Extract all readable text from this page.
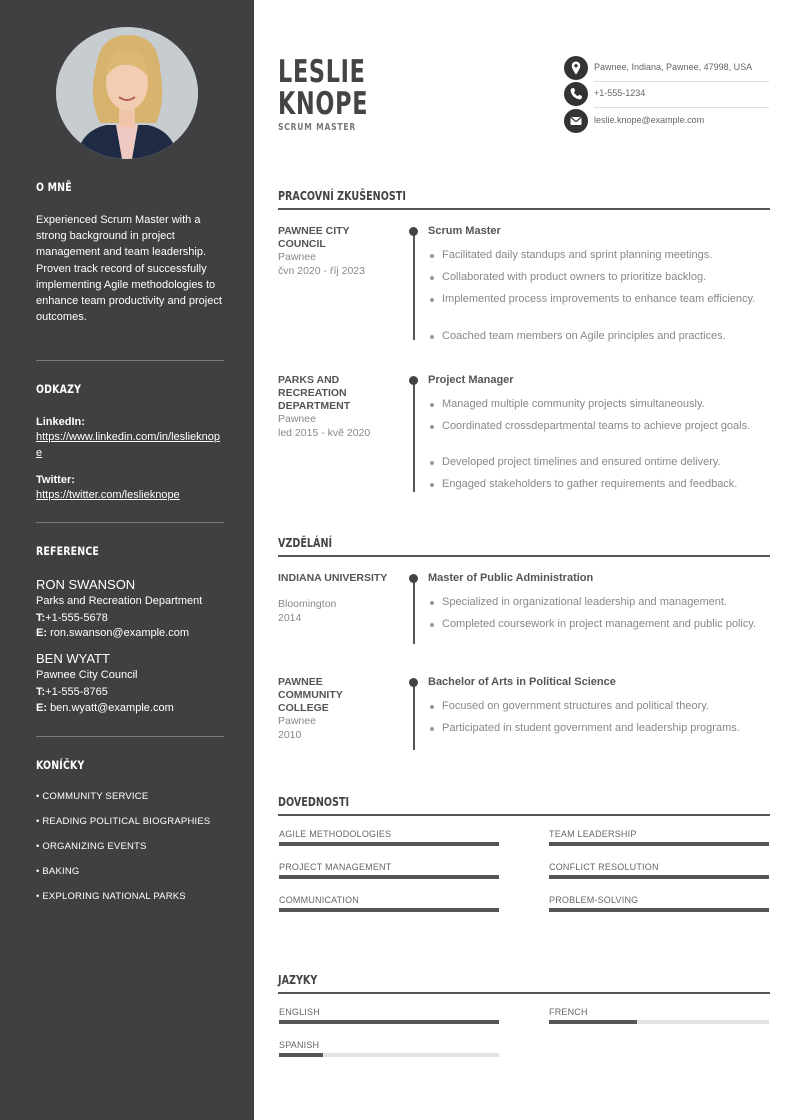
O MNĚ
Experienced Scrum Master with a strong background in project management and team leadership. Proven track record of successfully implementing Agile methodologies to enhance team productivity and project outcomes.
ODKAZY
LinkedIn:
https://www.linkedin.com/in/leslieknope
Twitter:
https://twitter.com/leslieknope
REFERENCE
RON SWANSON
Parks and Recreation Department
T:+1-555-5678
E: ron.swanson@example.com
BEN WYATT
Pawnee City Council
T:+1-555-8765
E: ben.wyatt@example.com
KONÍČKY
• COMMUNITY SERVICE
• READING POLITICAL BIOGRAPHIES
• ORGANIZING EVENTS
• BAKING
• EXPLORING NATIONAL PARKS
LESLIE
KNOPE
SCRUM MASTER
Pawnee, Indiana, Pawnee, 47998, USA
+1-555-1234
leslie.knope@example.com
PRACOVNÍ ZKUŠENOSTI
PAWNEE CITY COUNCIL
Pawnee
čvn 2020 - říj 2023
Scrum Master
Facilitated daily standups and sprint planning meetings.
Collaborated with product owners to prioritize backlog.
Implemented process improvements to enhance team efficiency.
Coached team members on Agile principles and practices.
PARKS AND RECREATION DEPARTMENT
Pawnee
led 2015 - kvě 2020
Project Manager
Managed multiple community projects simultaneously.
Coordinated crossdepartmental teams to achieve project goals.
Developed project timelines and ensured ontime delivery.
Engaged stakeholders to gather requirements and feedback.
VZDĚLÁNÍ
INDIANA UNIVERSITY
Bloomington
2014
Master of Public Administration
Specialized in organizational leadership and management.
Completed coursework in project management and public policy.
PAWNEE COMMUNITY COLLEGE
Pawnee
2010
Bachelor of Arts in Political Science
Focused on government structures and political theory.
Participated in student government and leadership programs.
DOVEDNOSTI
AGILE METHODOLOGIES	TEAM LEADERSHIP
PROJECT MANAGEMENT	CONFLICT RESOLUTION
COMMUNICATION	PROBLEM-SOLVING
JAZYKY
ENGLISH	FRENCH
SPANISH
